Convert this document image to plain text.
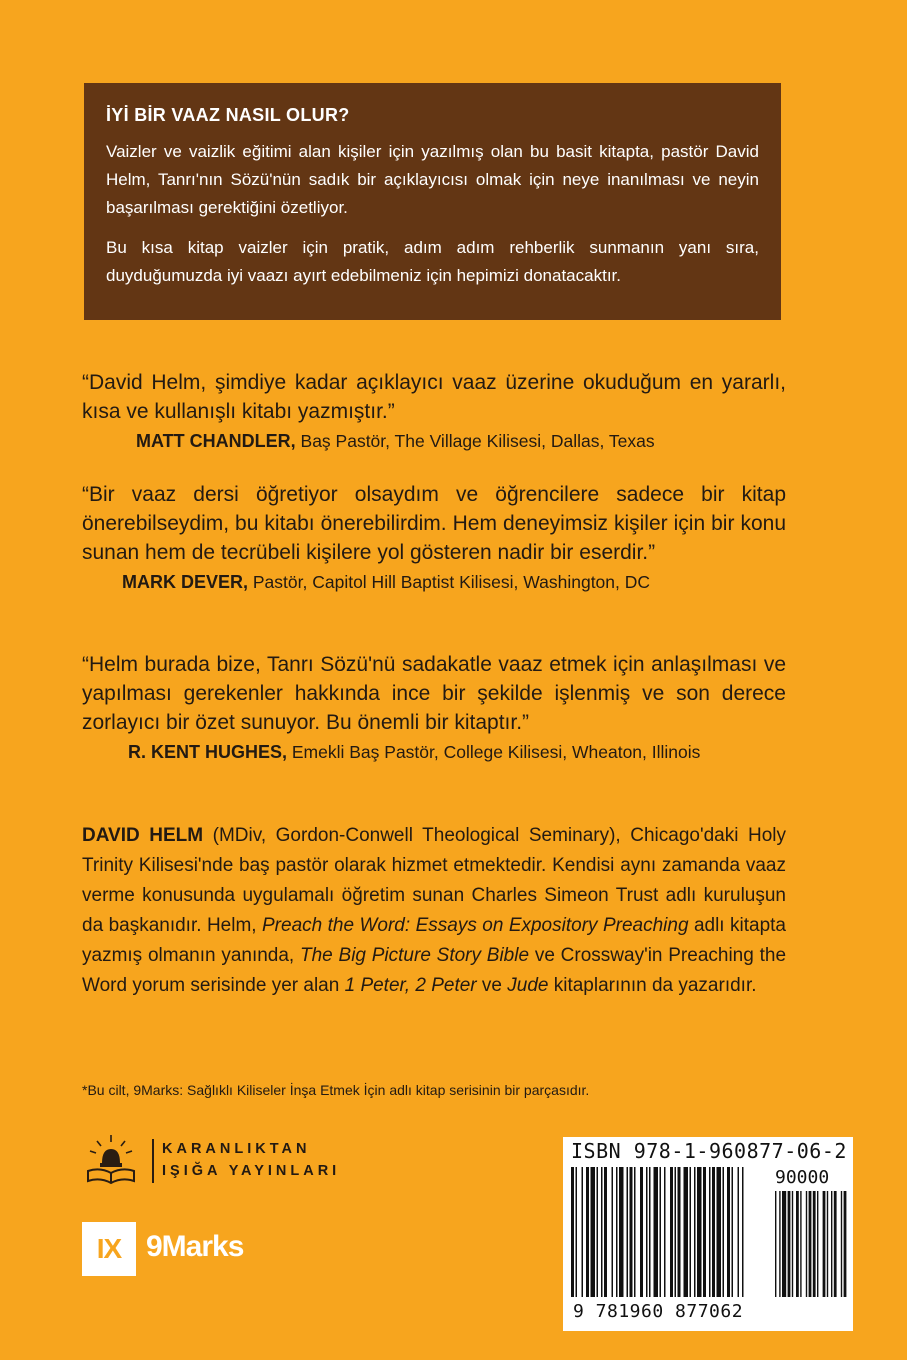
İYİ BİR VAAZ NASIL OLUR?

Vaizler ve vaizlik eğitimi alan kişiler için yazılmış olan bu basit kitapta, pastör David Helm, Tanrı'nın Sözü'nün sadık bir açıklayıcısı olmak için neye inanılması ve neyin başarılması gerektiğini özetliyor.

Bu kısa kitap vaizler için pratik, adım adım rehberlik sunmanın yanı sıra, duyduğumuzda iyi vaazı ayırt edebilmeniz için hepimizi donatacaktır.

“David Helm, şimdiye kadar açıklayıcı vaaz üzerine okuduğum en yararlı, kısa ve kullanışlı kitabı yazmıştır.”

MATT CHANDLER, Baş Pastör, The Village Kilisesi, Dallas, Texas

“Bir vaaz dersi öğretiyor olsaydım ve öğrencilere sadece bir kitap önerebilseydim, bu kitabı önerebilirdim. Hem deneyimsiz kişiler için bir konu sunan hem de tecrübeli kişilere yol gösteren nadir bir eserdir.”

MARK DEVER, Pastör, Capitol Hill Baptist Kilisesi, Washington, DC

“Helm burada bize, Tanrı Sözü'nü sadakatle vaaz etmek için anlaşılması ve yapılması gerekenler hakkında ince bir şekilde işlenmiş ve son derece zorlayıcı bir özet sunuyor. Bu önemli bir kitaptır.”

R. KENT HUGHES, Emekli Baş Pastör, College Kilisesi, Wheaton, Illinois

DAVID HELM (MDiv, Gordon-Conwell Theological Seminary), Chicago'daki Holy Trinity Kilisesi'nde baş pastör olarak hizmet etmektedir. Kendisi aynı zamanda vaaz verme konusunda uygulamalı öğretim sunan Charles Simeon Trust adlı kuruluşun da başkanıdır. Helm, Preach the Word: Essays on Expository Preaching adlı kitapta yazmış olmanın yanında, The Big Picture Story Bible ve Crossway'in Preaching the Word yorum serisinde yer alan 1 Peter, 2 Peter ve Jude kitaplarının da yazarıdır.

*Bu cilt, 9Marks: Sağlıklı Kiliseler İnşa Etmek İçin adlı kitap serisinin bir parçasıdır.

KARANLIKTAN
IŞIĞA YAYINLARI
IX 9Marks
ISBN 978-1-960877-06-2
90000
9 781960 877062
